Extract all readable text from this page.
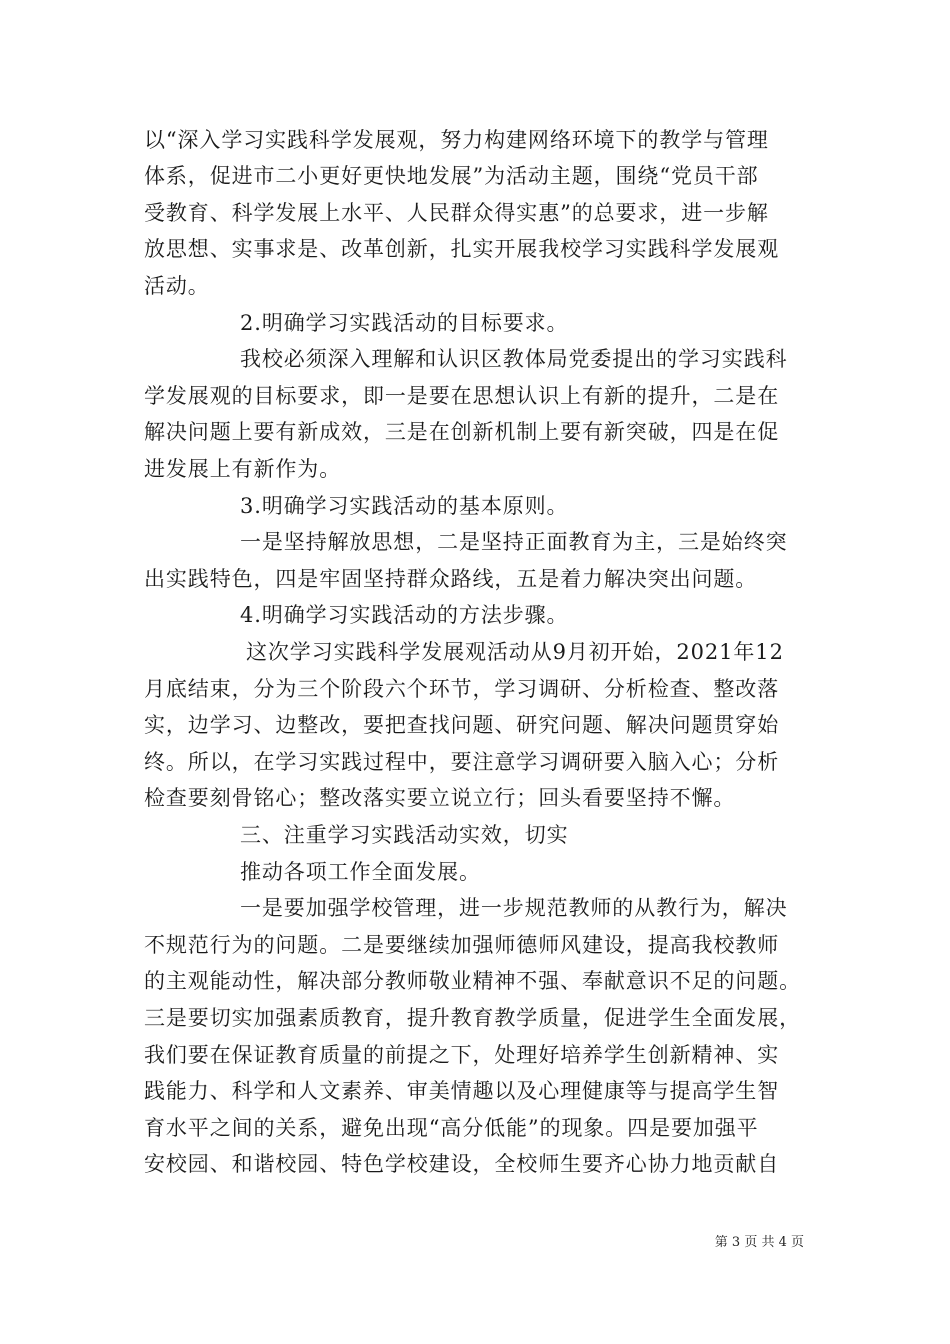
以“深入学习实践科学发展观，努力构建网络环境下的教学与管理
体系，促进市二小更好更快地发展”为活动主题，围绕“党员干部
受教育、科学发展上水平、人民群众得实惠”的总要求，进一步解
放思想、实事求是、改革创新，扎实开展我校学习实践科学发展观
活动。
2.明确学习实践活动的目标要求。
我校必须深入理解和认识区教体局党委提出的学习实践科
学发展观的目标要求，即一是要在思想认识上有新的提升，二是在
解决问题上要有新成效，三是在创新机制上要有新突破，四是在促
进发展上有新作为。
3.明确学习实践活动的基本原则。
一是坚持解放思想，二是坚持正面教育为主，三是始终突
出实践特色，四是牢固坚持群众路线，五是着力解决突出问题。
4.明确学习实践活动的方法步骤。
这次学习实践科学发展观活动从9月初开始，2021年12
月底结束，分为三个阶段六个环节，学习调研、分析检查、整改落
实，边学习、边整改，要把查找问题、研究问题、解决问题贯穿始
终。所以，在学习实践过程中，要注意学习调研要入脑入心；分析
检查要刻骨铭心；整改落实要立说立行；回头看要坚持不懈。
三、注重学习实践活动实效，切实
推动各项工作全面发展。
一是要加强学校管理，进一步规范教师的从教行为，解决
不规范行为的问题。二是要继续加强师德师风建设，提高我校教师
的主观能动性，解决部分教师敬业精神不强、奉献意识不足的问题。
三是要切实加强素质教育，提升教育教学质量，促进学生全面发展，
我们要在保证教育质量的前提之下，处理好培养学生创新精神、实
践能力、科学和人文素养、审美情趣以及心理健康等与提高学生智
育水平之间的关系，避免出现“高分低能”的现象。四是要加强平
安校园、和谐校园、特色学校建设，全校师生要齐心协力地贡献自
第 3 页 共 4 页
